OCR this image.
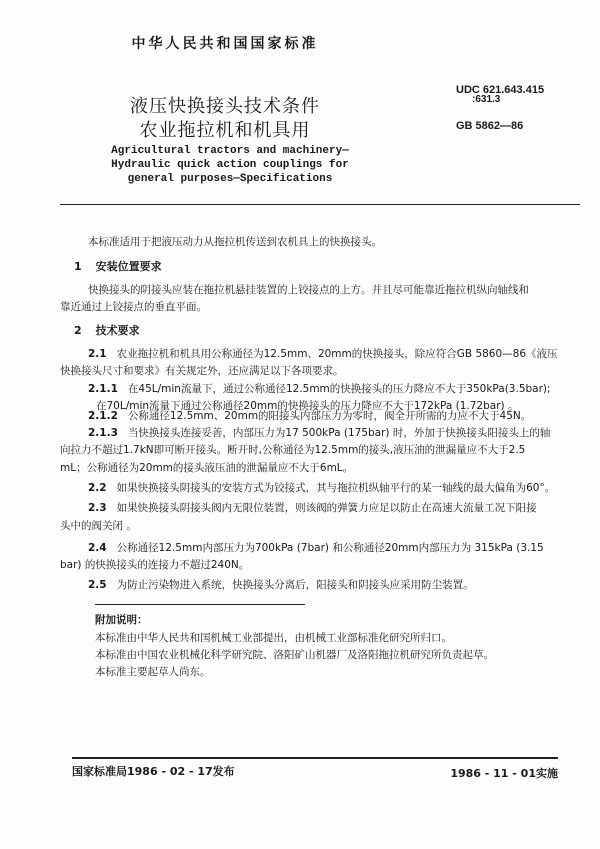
中华人民共和国国家标准
液压快换接头技术条件
农业拖拉机和机具用
Agricultural tractors and machinery—
Hydraulic quick action couplings for
general purposes—Specifications
UDC 621.643.415
:631.3
GB 5862—86
本标准适用于把液压动力从拖拉机传送到农机具上的快换接头。
1 安装位置要求
快换接头的阴接头应装在拖拉机悬挂装置的上铰接点的上方。并且尽可能靠近拖拉机纵向轴线和
靠近通过上铰接点的垂直平面。
2 技术要求
2.1 农业拖拉机和机具用公称通径为12.5mm、20mm的快换接头，除应符合GB 5860—86《液压
快换接头尺寸和要求》有关规定外，还应满足以下各项要求。
2.1.1 在45L/min流量下，通过公称通径12.5mm的快换接头的压力降应不大于350kPa(3.5bar);
在70L/min流量下通过公称通径20mm的快换接头的压力降应不大于172kPa (1.72bar) 。
2.1.2 公称通径12.5mm、20mm的阳接头内部压力为零时，阀全开所需的力应不大于45N。
2.1.3 当快换接头连接妥善，内部压力为17 500kPa (175bar) 时，外加于快换接头阳接头上的轴
向拉力不超过1.7kN即可断开接头。断开时,公称通径为12.5mm的接头,液压油的泄漏量应不大于2.5
mL；公称通径为20mm的接头液压油的泄漏量应不大于6mL。
2.2 如果快换接头阴接头的安装方式为铰接式，其与拖拉机纵轴平行的某一轴线的最大偏角为60°。
2.3 如果快换接头阴接头阀内无限位装置，则该阀的弹簧力应足以防止在高速大流量工况下阳接
头中的阀关闭 。
2.4 公称通径12.5mm内部压力为700kPa (7bar) 和公称通径20mm内部压力为 315kPa (3.15
bar) 的快换接头的连接力不超过240N。
2.5 为防止污染物进入系统，快换接头分离后，阳接头和阴接头应采用防尘装置。
附加说明：
本标准由中华人民共和国机械工业部提出，由机械工业部标准化研究所归口。
本标准由中国农业机械化科学研究院、洛阳矿山机器厂及洛阳拖拉机研究所负责起草。
本标准主要起草人尚东。
国家标准局1986 - 02 - 17发布	1986 - 11 - 01实施
